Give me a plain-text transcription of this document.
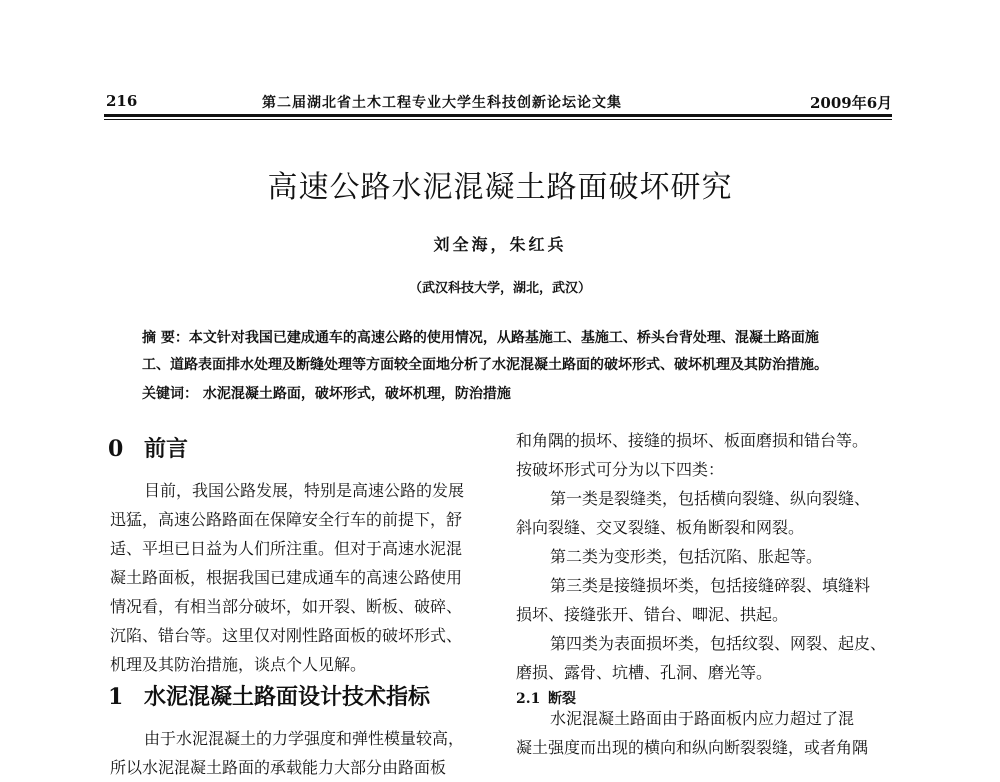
216	第二届湖北省土木工程专业大学生科技创新论坛论文集	2009年6月
高速公路水泥混凝土路面破坏研究
刘全海，朱红兵
（武汉科技大学，湖北，武汉）
摘 要：本文针对我国已建成通车的高速公路的使用情况，从路基施工、基施工、桥头台背处理、混凝土路面施
工、道路表面排水处理及断缝处理等方面较全面地分析了水泥混凝土路面的破坏形式、破坏机理及其防治措施。
关键词： 水泥混凝土路面，破坏形式，破坏机理，防治措施
0 前言
目前，我国公路发展，特别是高速公路的发展
迅猛，高速公路路面在保障安全行车的前提下，舒
适、平坦已日益为人们所注重。但对于高速水泥混
凝土路面板，根据我国已建成通车的高速公路使用
情况看，有相当部分破坏，如开裂、断板、破碎、
沉陷、错台等。这里仅对刚性路面板的破坏形式、
机理及其防治措施，谈点个人见解。
1 水泥混凝土路面设计技术指标
由于水泥混凝土的力学强度和弹性模量较高，
所以水泥混凝土路面的承载能力大部分由路面板
和角隅的损坏、接缝的损坏、板面磨损和错台等。
按破坏形式可分为以下四类：
第一类是裂缝类，包括横向裂缝、纵向裂缝、
斜向裂缝、交叉裂缝、板角断裂和网裂。
第二类为变形类，包括沉陷、胀起等。
第三类是接缝损坏类，包括接缝碎裂、填缝料
损坏、接缝张开、错台、唧泥、拱起。
第四类为表面损坏类，包括纹裂、网裂、起皮、
磨损、露骨、坑槽、孔洞、磨光等。
2.1 断裂
水泥混凝土路面由于路面板内应力超过了混
凝土强度而出现的横向和纵向断裂裂缝，或者角隅
